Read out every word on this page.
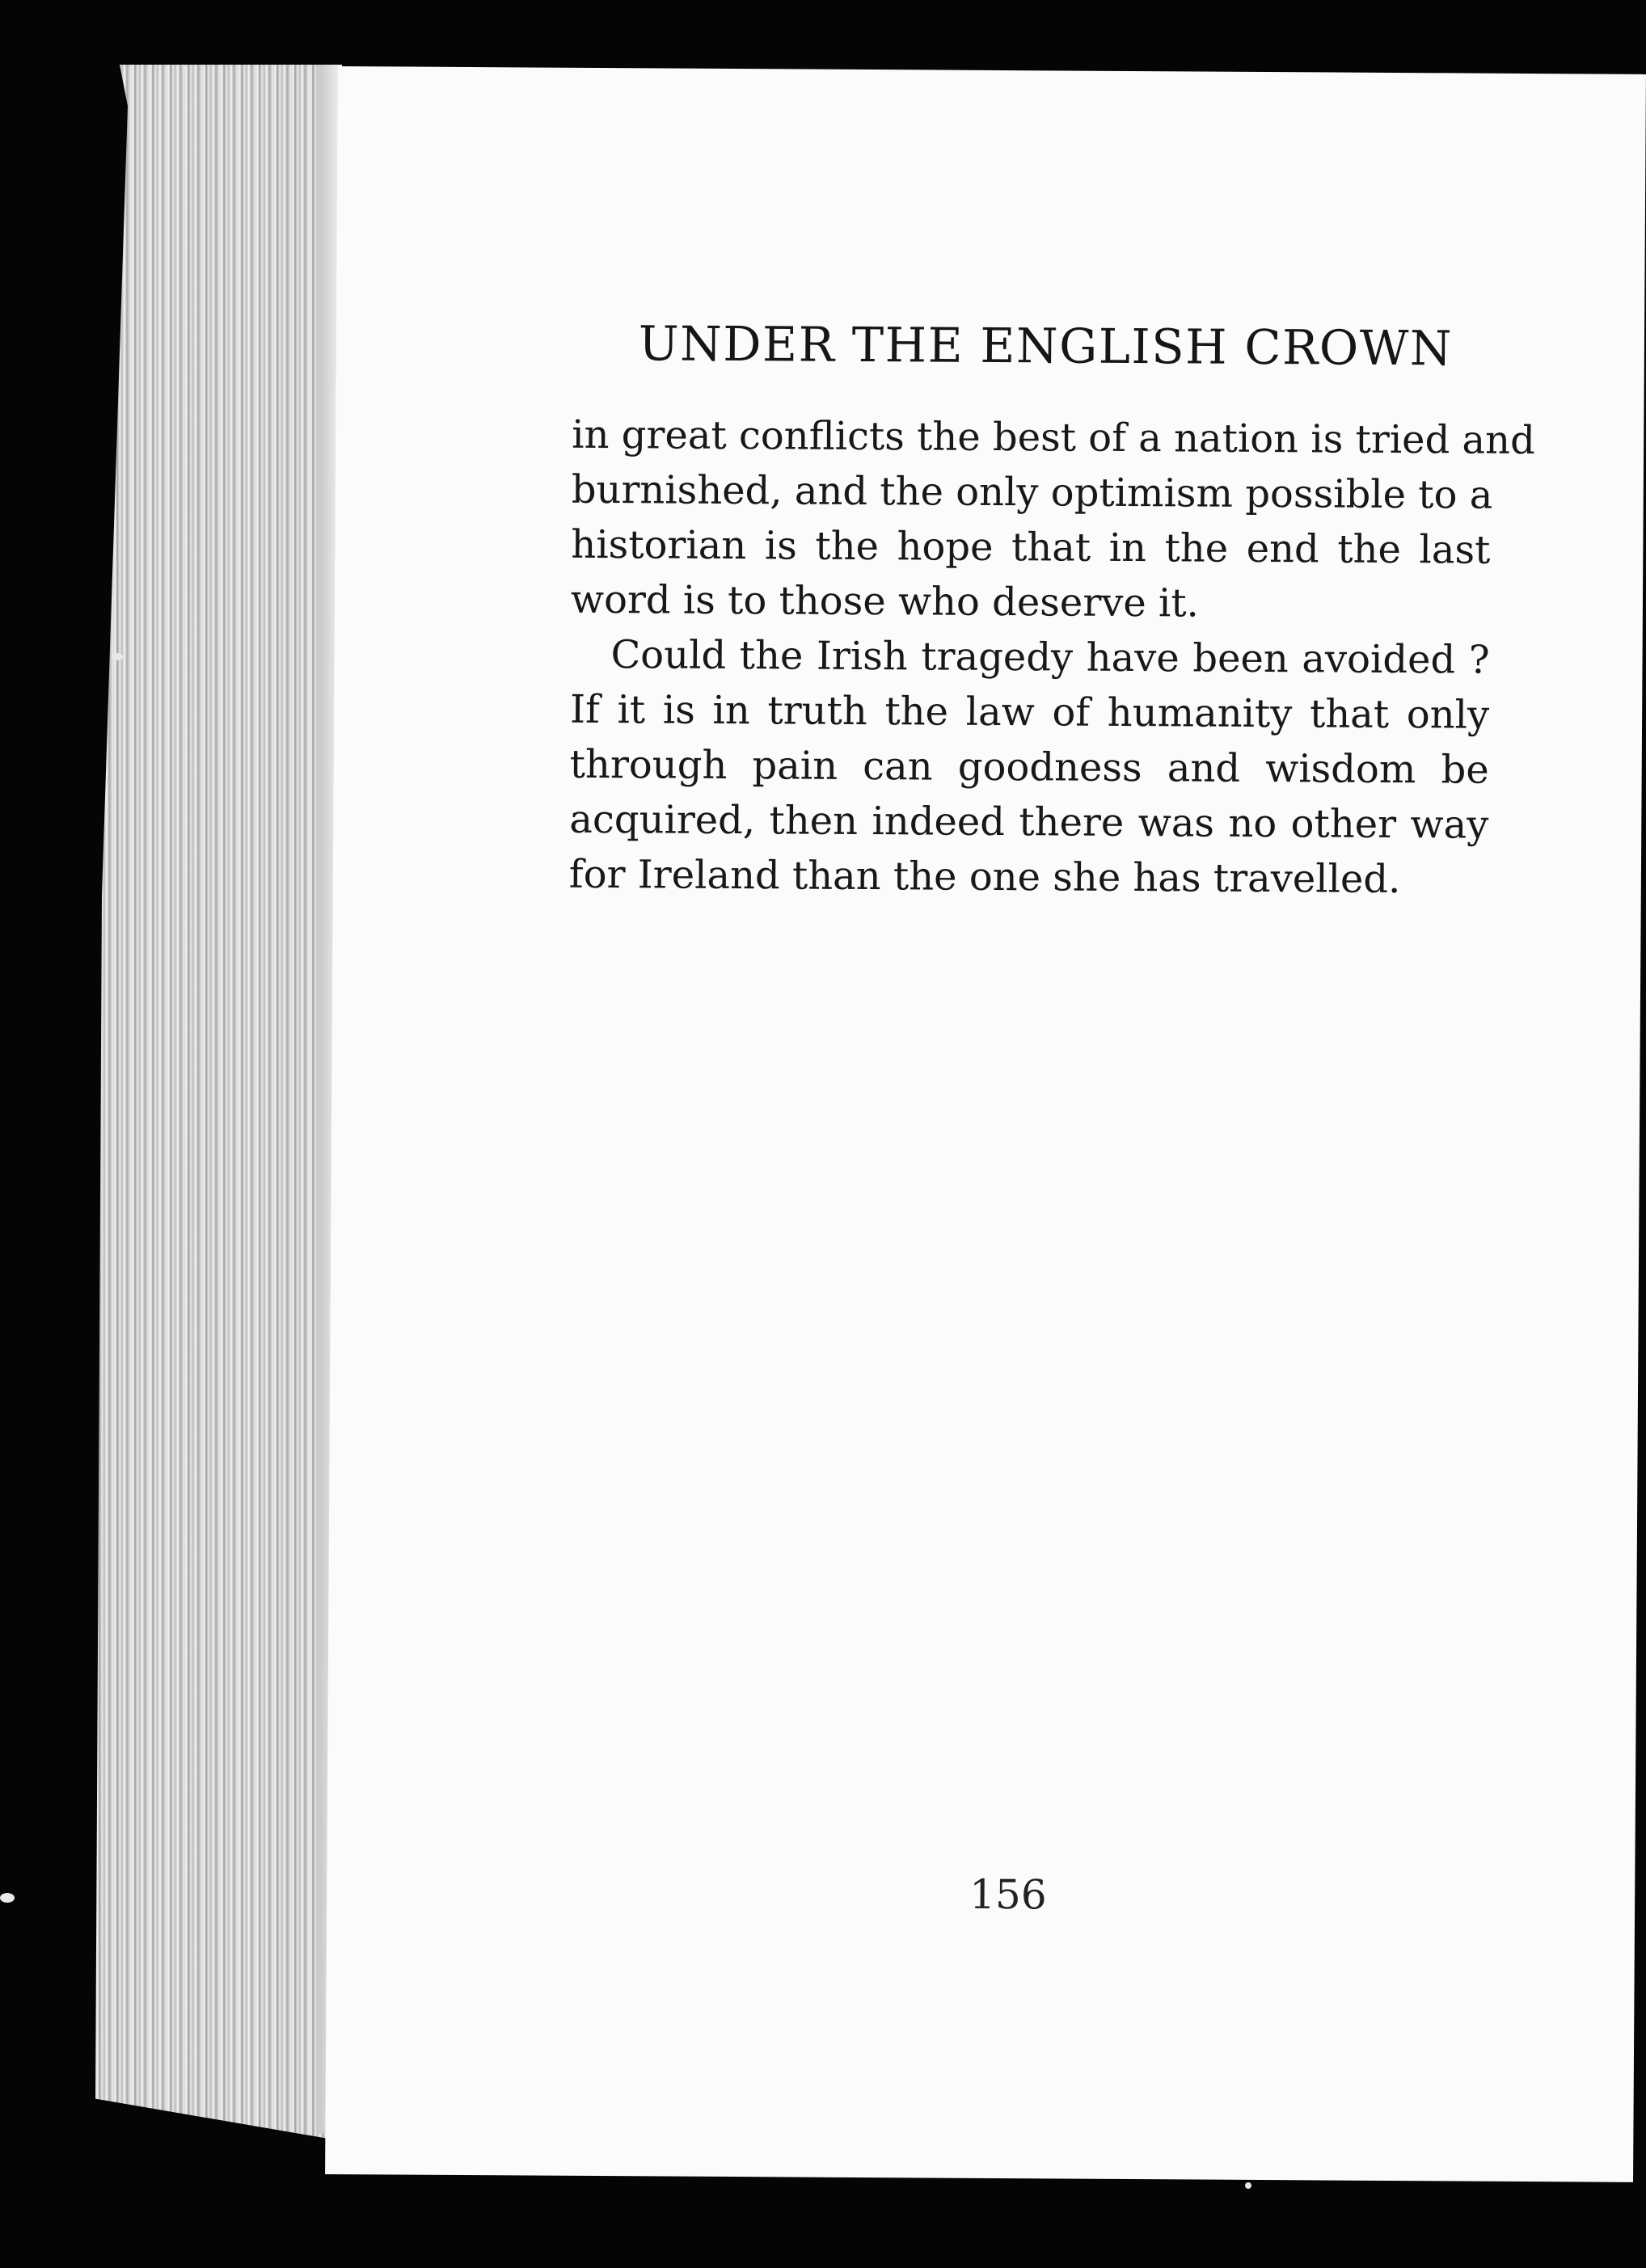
UNDER THE ENGLISH CROWN

in great conflicts the best of a nation is tried and
burnished, and the only optimism possible to a
historian is the hope that in the end the last
word is to those who deserve it.

Could the Irish tragedy have been avoided ?
If it is in truth the law of humanity that only
through pain can goodness and wisdom be
acquired, then indeed there was no other way
for Ireland than the one she has travelled.

156
